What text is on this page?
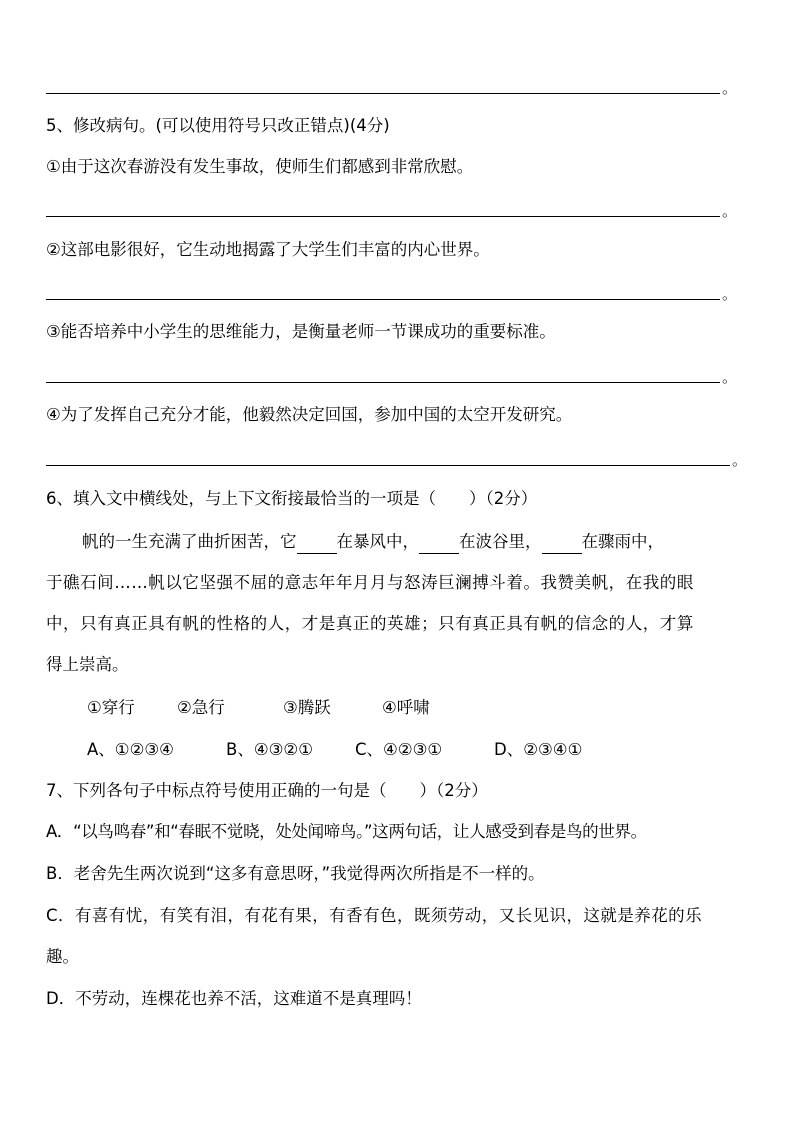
。
5、修改病句。(可以使用符号只改正错点)(4分)
①由于这次春游没有发生事故，使师生们都感到非常欣慰。
。
②这部电影很好，它生动地揭露了大学生们丰富的内心世界。
。
③能否培养中小学生的思维能力，是衡量老师一节课成功的重要标准。
。
④为了发挥自己充分才能，他毅然决定回国，参加中国的太空开发研究。
。
6、填入文中横线处，与上下文衔接最恰当的一项是（　　）（2分）
帆的一生充满了曲折困苦，它 在暴风中， 在波谷里， 在骤雨中，
于礁石间……帆以它坚强不屈的意志年年月月与怒涛巨澜搏斗着。我赞美帆，在我的眼
中，只有真正具有帆的性格的人，才是真正的英雄；只有真正具有帆的信念的人，才算
得上崇高。
①穿行	②急行	③腾跃	④呼啸
A、①②③④	B、④③②①	C、④②③①	D、②③④①
7、下列各句子中标点符号使用正确的一句是（　　）（2分）
A．“以鸟鸣春”和“春眠不觉晓，处处闻啼鸟。”这两句话，让人感受到春是鸟的世界。
B．老舍先生两次说到“这多有意思呀，”我觉得两次所指是不一样的。
C．有喜有忧，有笑有泪，有花有果，有香有色，既须劳动，又长见识，这就是养花的乐
趣。
D．不劳动，连棵花也养不活，这难道不是真理吗！
